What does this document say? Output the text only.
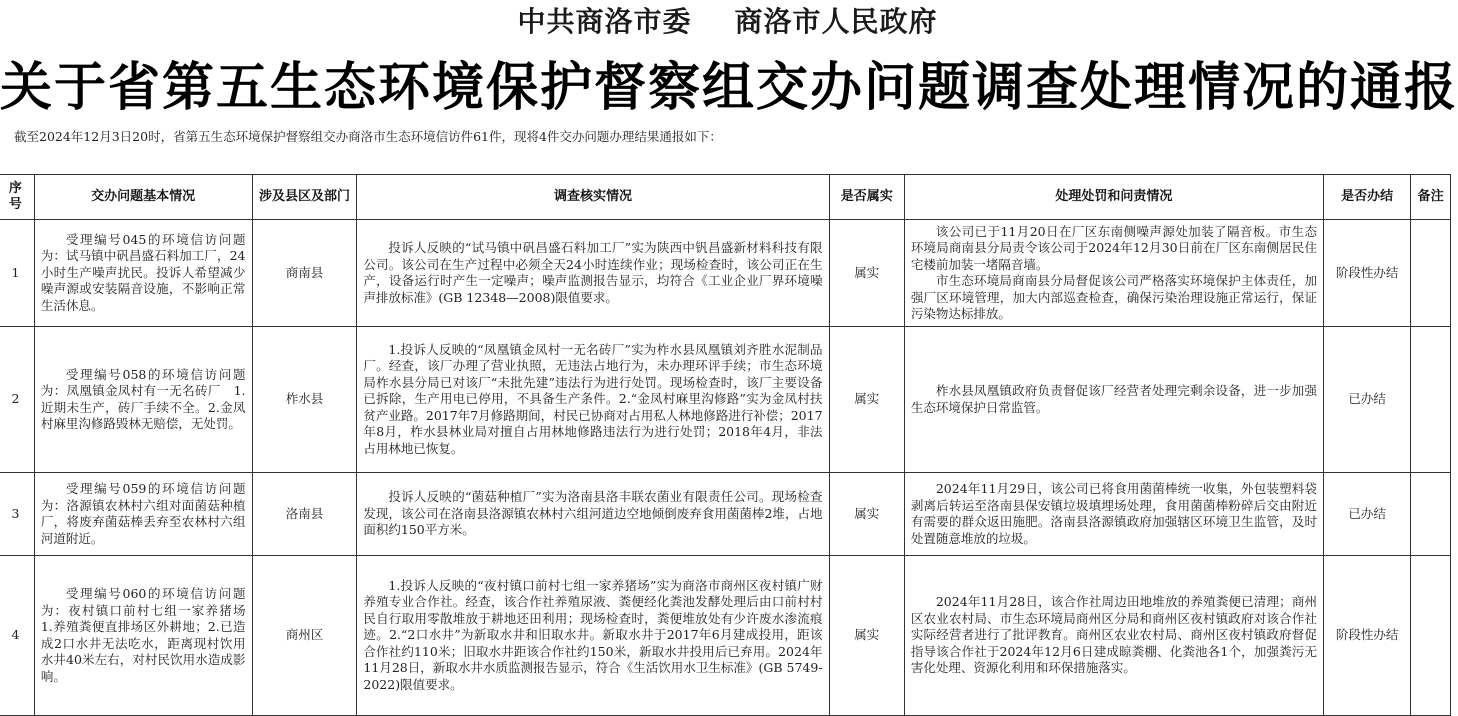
中共商洛市委    商洛市人民政府
关于省第五生态环境保护督察组交办问题调查处理情况的通报
截至2024年12月3日20时，省第五生态环境保护督察组交办商洛市生态环境信访件61件，现将4件交办问题办理结果通报如下：
序号	交办问题基本情况	涉及县区及部门	调查核实情况	是否属实	处理处罚和问责情况	是否办结	备注
1	受理编号045的环境信访问题为：试马镇中矾昌盛石料加工厂，24小时生产噪声扰民。投诉人希望减少噪声源或安装隔音设施，不影响正常生活休息。	商南县	投诉人反映的“试马镇中矾昌盛石料加工厂”实为陕西中钒昌盛新材料科技有限公司。该公司在生产过程中必须全天24小时连续作业；现场检查时，该公司正在生产，设备运行时产生一定噪声；噪声监测报告显示，均符合《工业企业厂界环境噪声排放标准》(GB 12348—2008)限值要求。	属实	该公司已于11月20日在厂区东南侧噪声源处加装了隔音板。市生态环境局商南县分局责令该公司于2024年12月30日前在厂区东南侧居民住宅楼前加装一堵隔音墙。
市生态环境局商南县分局督促该公司严格落实环境保护主体责任，加强厂区环境管理，加大内部巡查检查，确保污染治理设施正常运行，保证污染物达标排放。	阶段性办结	
2	受理编号058的环境信访问题为：凤凰镇金凤村有一无名砖厂　1.近期未生产，砖厂手续不全。2.金凤村麻里沟修路毁林无赔偿，无处罚。	柞水县	1.投诉人反映的“凤凰镇金凤村一无名砖厂”实为柞水县凤凰镇刘齐胜水泥制品厂。经查，该厂办理了营业执照，无违法占地行为，未办理环评手续；市生态环境局柞水县分局已对该厂“未批先建”违法行为进行处罚。现场检查时，该厂主要设备已拆除，生产用电已停用，不具备生产条件。2.“金凤村麻里沟修路”实为金凤村扶贫产业路。2017年7月修路期间，村民已协商对占用私人林地修路进行补偿；2017年8月，柞水县林业局对擅自占用林地修路违法行为进行处罚；2018年4月，非法占用林地已恢复。	属实	柞水县凤凰镇政府负责督促该厂经营者处理完剩余设备，进一步加强生态环境保护日常监管。	已办结	
3	受理编号059的环境信访问题为：洛源镇农林村六组对面菌菇种植厂，将废弃菌菇棒丢弃至农林村六组河道附近。	洛南县	投诉人反映的“菌菇种植厂”实为洛南县洛丰联农菌业有限责任公司。现场检查发现，该公司在洛南县洛源镇农林村六组河道边空地倾倒废弃食用菌菌棒2堆，占地面积约150平方米。	属实	2024年11月29日，该公司已将食用菌菌棒统一收集，外包装塑料袋剥离后转运至洛南县保安镇垃圾填埋场处理，食用菌菌棒粉碎后交由附近有需要的群众返田施肥。洛南县洛源镇政府加强辖区环境卫生监管，及时处置随意堆放的垃圾。	已办结	
4	受理编号060的环境信访问题为：夜村镇口前村七组一家养猪场　1.养殖粪便直排场区外耕地；2.已造成2口水井无法吃水，距离现村饮用水井40米左右，对村民饮用水造成影响。	商州区	1.投诉人反映的“夜村镇口前村七组一家养猪场”实为商洛市商州区夜村镇广财养殖专业合作社。经查，该合作社养殖尿液、粪便经化粪池发酵处理后由口前村村民自行取用零散堆放于耕地还田利用；现场检查时，粪便堆放处有少许废水渗流痕迹。2.“2口水井”为新取水井和旧取水井。新取水井于2017年6月建成投用，距该合作社约110米；旧取水井距该合作社约150米，新取水井投用后已弃用。2024年11月28日，新取水井水质监测报告显示，符合《生活饮用水卫生标准》(GB 5749-2022)限值要求。	属实	2024年11月28日，该合作社周边田地堆放的养殖粪便已清理；商州区农业农村局、市生态环境局商州区分局和商州区夜村镇政府对该合作社实际经营者进行了批评教育。商州区农业农村局、商州区夜村镇政府督促指导该合作社于2024年12月6日建成晾粪棚、化粪池各1个，加强粪污无害化处理、资源化利用和环保措施落实。	阶段性办结	
